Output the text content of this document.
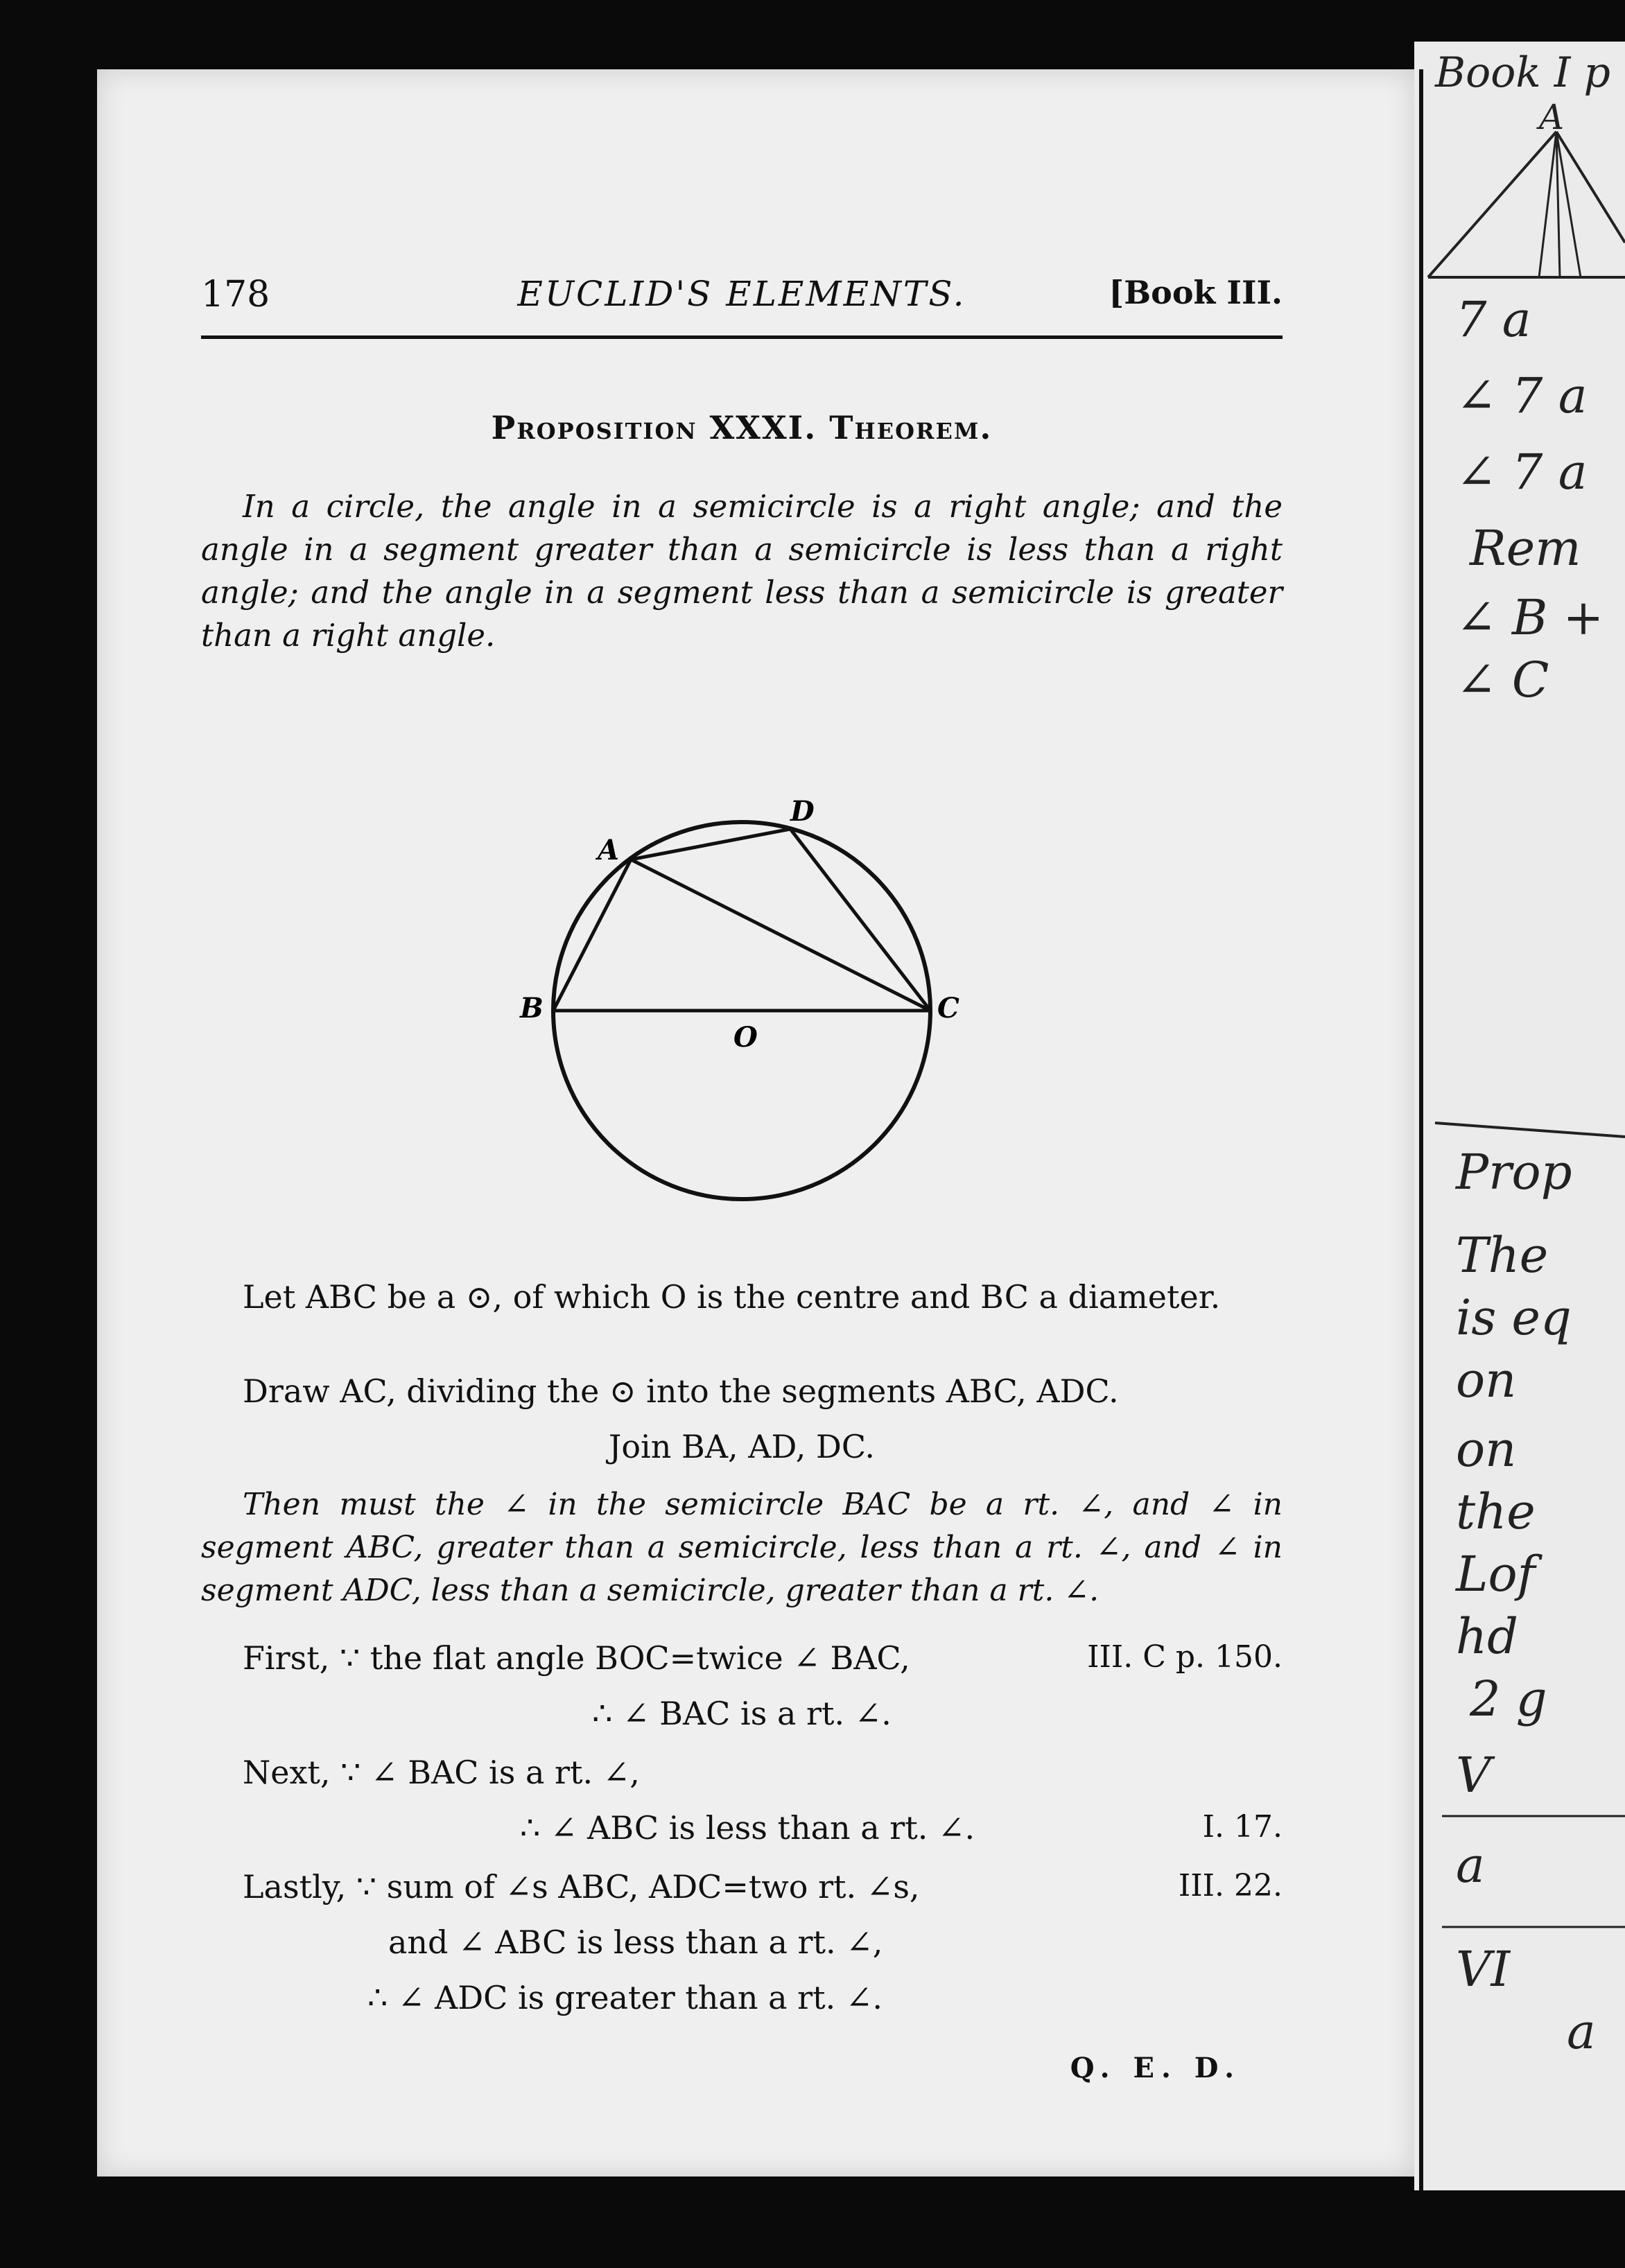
178	EUCLID'S ELEMENTS.	[Book III.
Proposition XXXI. Theorem.
In a circle, the angle in a semicircle is a right angle; and the angle in a segment greater than a semicircle is less than a right angle; and the angle in a segment less than a semicircle is greater than a right angle.
A
D
B	C
O
Let ABC be a ⊙, of which O is the centre and BC a diameter.
Draw AC, dividing the ⊙ into the segments ABC, ADC.
Join BA, AD, DC.
Then must the ∠ in the semicircle BAC be a rt. ∠, and ∠ in segment ABC, greater than a semicircle, less than a rt. ∠, and ∠ in segment ADC, less than a semicircle, greater than a rt. ∠.
First, ∵ the flat angle BOC=twice ∠ BAC,	III. C p. 150.
∴ ∠ BAC is a rt. ∠.
Next, ∵ ∠ BAC is a rt. ∠,
∴ ∠ ABC is less than a rt. ∠.	I. 17.
Lastly, ∵ sum of ∠s ABC, ADC=two rt. ∠s,	III. 22.
and ∠ ABC is less than a rt. ∠,
∴ ∠ ADC is greater than a rt. ∠.
Q. E. D.
Book I p
A
7 a
∠ 7 a
∠ 7 a
Rem
∠ B +
∠ C
Prop
The
is eq
on
on
the
Lof
hd
2 g
V
a
VI
a
